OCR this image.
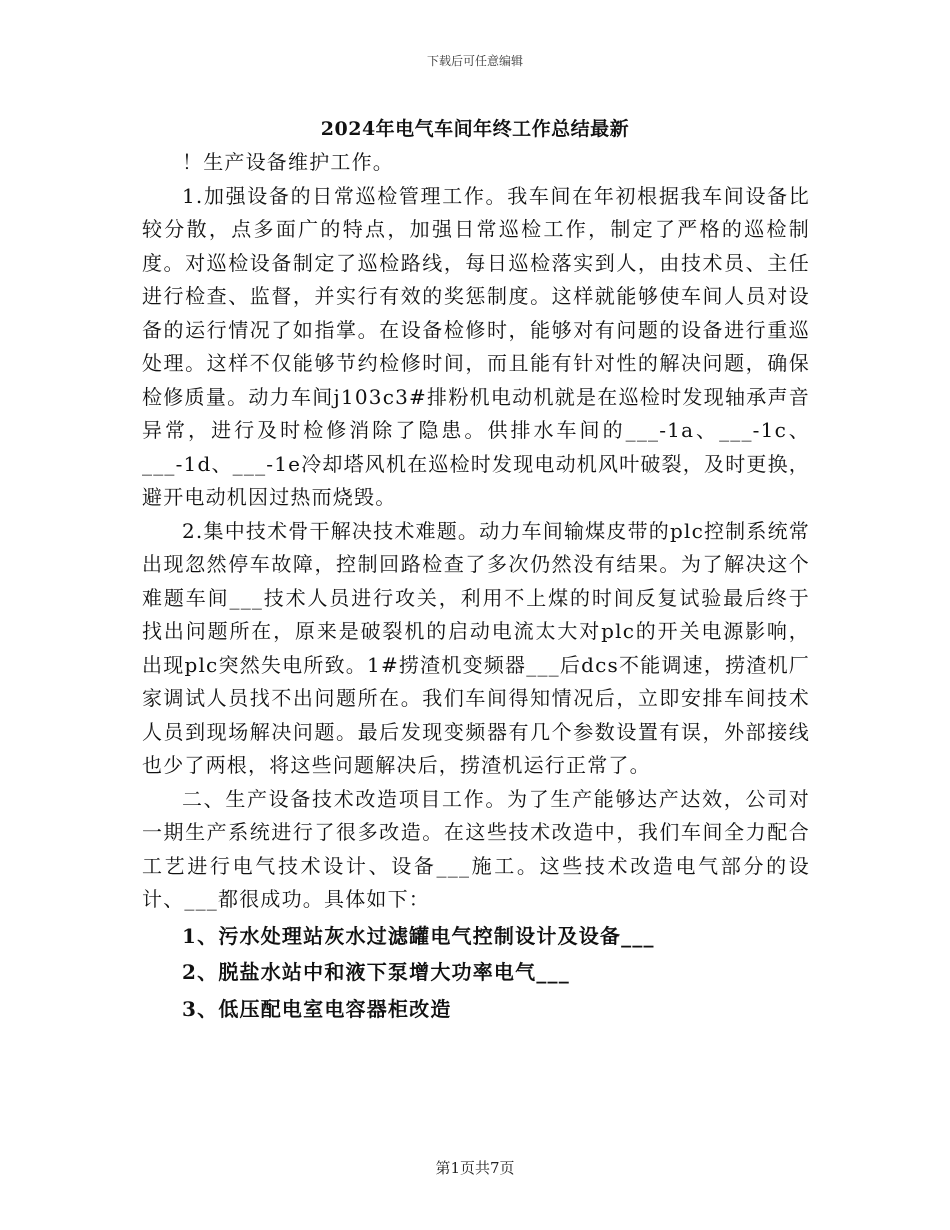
下载后可任意编辑
2024年电气车间年终工作总结最新

！生产设备维护工作。

1.加强设备的日常巡检管理工作。我车间在年初根据我车间设备比较分散，点多面广的特点，加强日常巡检工作，制定了严格的巡检制度。对巡检设备制定了巡检路线，每日巡检落实到人，由技术员、主任进行检查、监督，并实行有效的奖惩制度。这样就能够使车间人员对设备的运行情况了如指掌。在设备检修时，能够对有问题的设备进行重巡处理。这样不仅能够节约检修时间，而且能有针对性的解决问题，确保检修质量。动力车间j103c3#排粉机电动机就是在巡检时发现轴承声音异常，进行及时检修消除了隐患。供排水车间的___-1a、___-1c、___-1d、___-1e冷却塔风机在巡检时发现电动机风叶破裂，及时更换，避开电动机因过热而烧毁。

2.集中技术骨干解决技术难题。动力车间输煤皮带的plc控制系统常出现忽然停车故障，控制回路检查了多次仍然没有结果。为了解决这个难题车间___技术人员进行攻关，利用不上煤的时间反复试验最后终于找出问题所在，原来是破裂机的启动电流太大对plc的开关电源影响，出现plc突然失电所致。1#捞渣机变频器___后dcs不能调速，捞渣机厂家调试人员找不出问题所在。我们车间得知情况后，立即安排车间技术人员到现场解决问题。最后发现变频器有几个参数设置有误，外部接线也少了两根，将这些问题解决后，捞渣机运行正常了。

二、生产设备技术改造项目工作。为了生产能够达产达效，公司对一期生产系统进行了很多改造。在这些技术改造中，我们车间全力配合工艺进行电气技术设计、设备___施工。这些技术改造电气部分的设计、___都很成功。具体如下：

1、污水处理站灰水过滤罐电气控制设计及设备___

2、脱盐水站中和液下泵增大功率电气___

3、低压配电室电容器柜改造

第1页共7页
